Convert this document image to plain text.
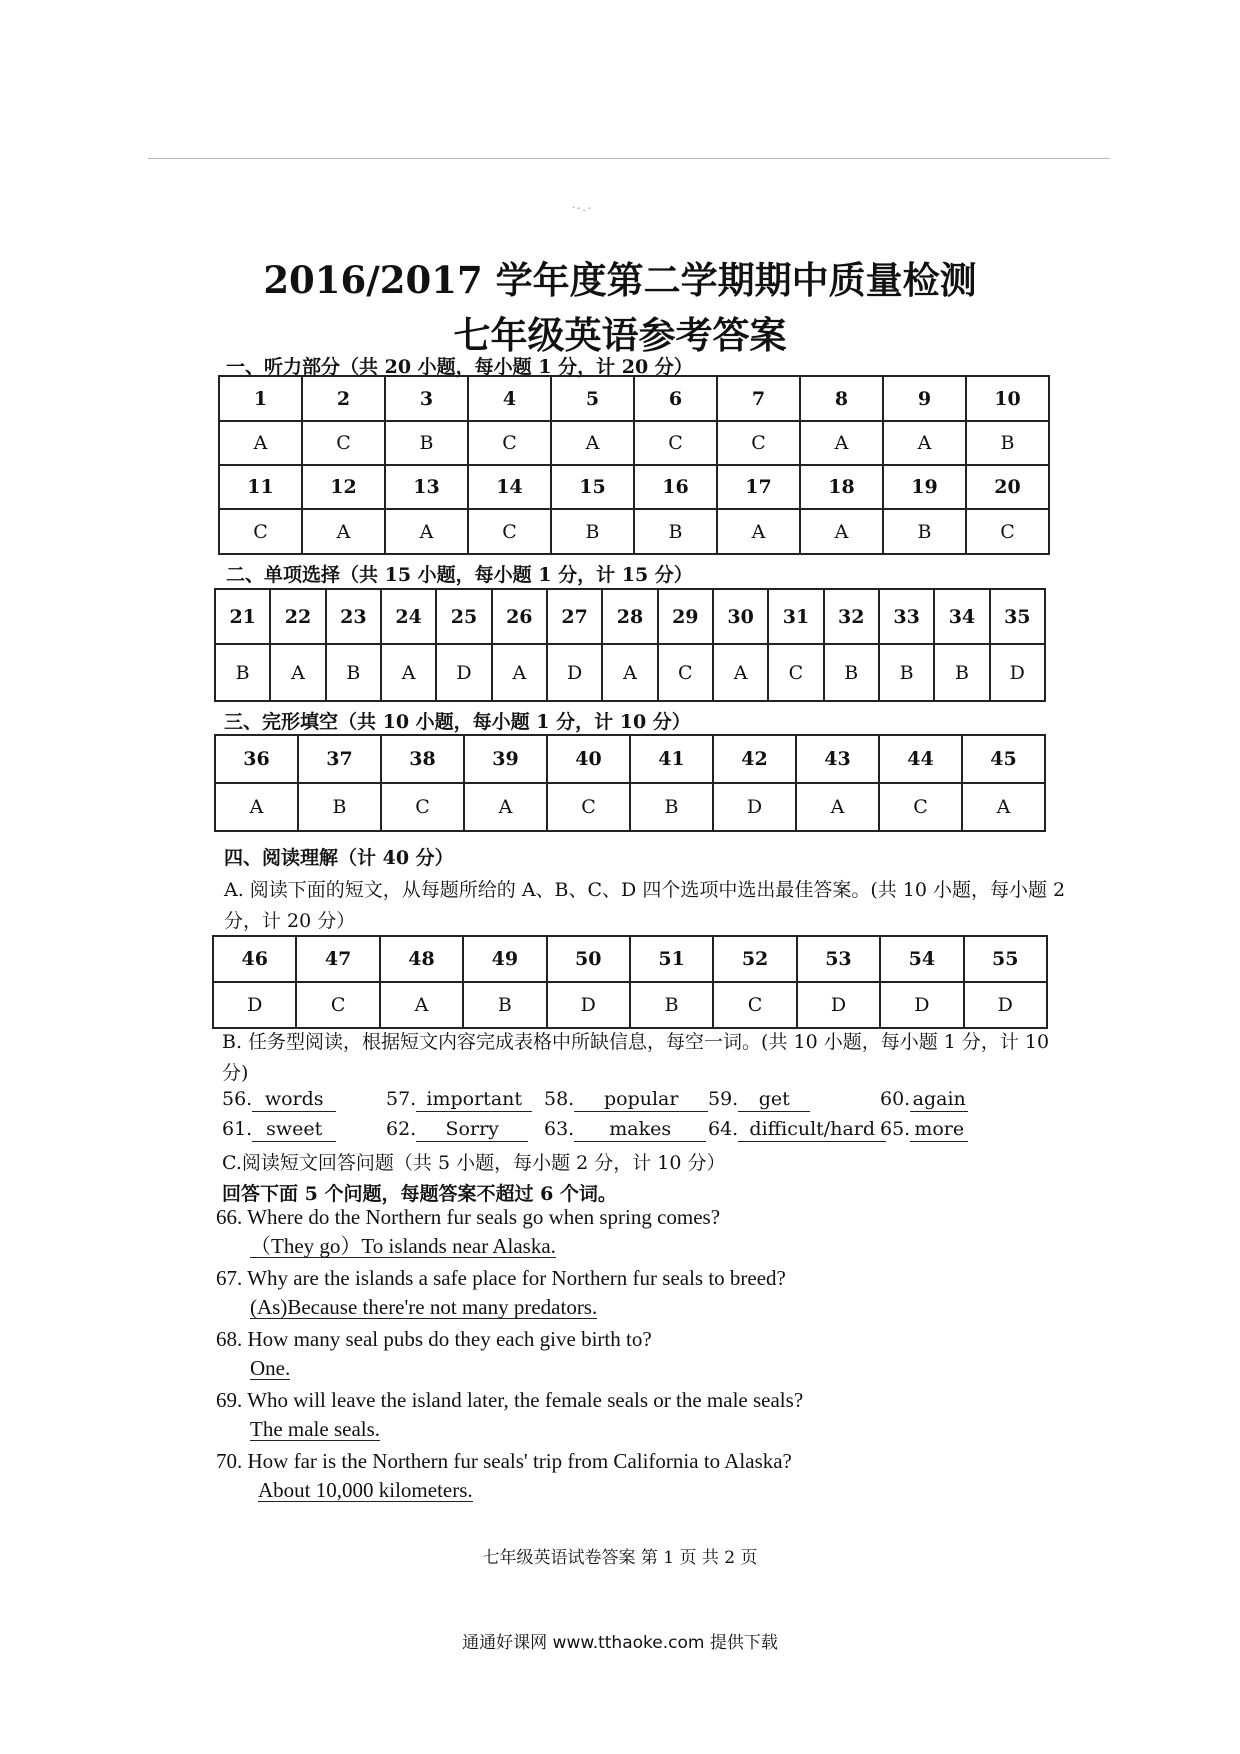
·-.-
2016/2017 学年度第二学期期中质量检测
七年级英语参考答案
一、听力部分（共 20 小题，每小题 1 分，计 20 分）
1	2	3	4	5	6	7	8	9	10
A	C	B	C	A	C	C	A	A	B
11	12	13	14	15	16	17	18	19	20
C	A	A	C	B	B	A	A	B	C
二、单项选择（共 15 小题，每小题 1 分，计 15 分）
21	22	23	24	25	26	27	28	29	30	31	32	33	34	35
B	A	B	A	D	A	D	A	C	A	C	B	B	B	D
三、完形填空（共 10 小题，每小题 1 分，计 10 分）
36	37	38	39	40	41	42	43	44	45
A	B	C	A	C	B	D	A	C	A
四、阅读理解（计 40 分）
A. 阅读下面的短文，从每题所给的 A、B、C、D 四个选项中选出最佳答案。(共 10 小题，每小题 2 分，计 20 分）
46	47	48	49	50	51	52	53	54	55
D	C	A	B	D	B	C	D	D	D
B. 任务型阅读，根据短文内容完成表格中所缺信息，每空一词。(共 10 小题，每小题 1 分，计 10 分)
56. words	57. important	58. popular	59. get	60. again
61. sweet	62. Sorry	63. makes	64. difficult/hard 65. more
C.阅读短文回答问题（共 5 小题，每小题 2 分，计 10 分）
回答下面 5 个问题，每题答案不超过 6 个词。
66. Where do the Northern fur seals go when spring comes?
（They go）To islands near Alaska.
67. Why are the islands a safe place for Northern fur seals to breed?
(As)Because there're not many predators.
68. How many seal pubs do they each give birth to?
One.
69. Who will leave the island later, the female seals or the male seals?
The male seals.
70. How far is the Northern fur seals' trip from California to Alaska?
About 10,000 kilometers.
七年级英语试卷答案 第 1 页 共 2 页
通通好课网 www.tthaoke.com 提供下载
